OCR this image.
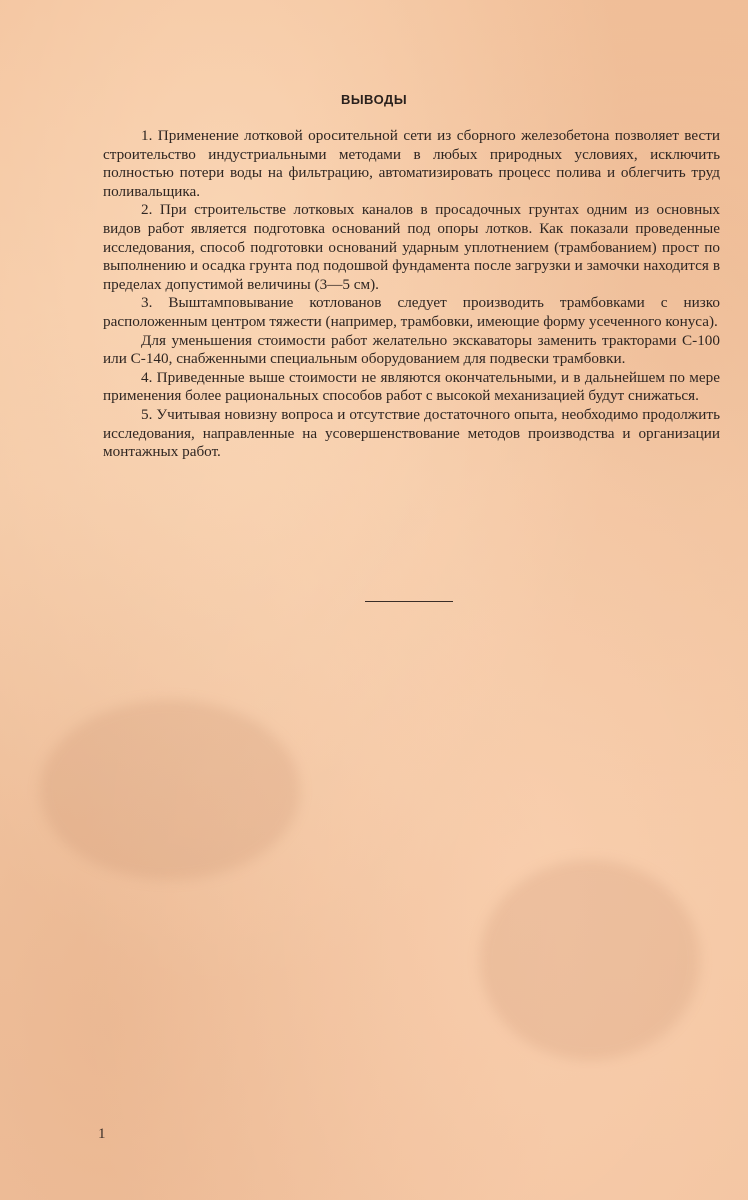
ВЫВОДЫ

1. Применение лотковой оросительной сети из сборного железобетона позволяет вести строительство индустриальными методами в любых природных условиях, исключить полностью потери воды на фильтрацию, автоматизировать процесс полива и облегчить труд поливальщика.

2. При строительстве лотковых каналов в просадочных грунтах одним из основных видов работ является подготовка оснований под опоры лотков. Как показали проведенные исследования, способ подготовки оснований ударным уплотнением (трамбованием) прост по выполнению и осадка грунта под подошвой фундамента после загрузки и замочки находится в пределах допустимой величины (3—5 см).

3. Выштамповывание котлованов следует производить трамбовками с низко расположенным центром тяжести (например, трамбовки, имеющие форму усеченного конуса).

Для уменьшения стоимости работ желательно экскаваторы заменить тракторами С-100 или С-140, снабженными специальным оборудованием для подвески трамбовки.

4. Приведенные выше стоимости не являются окончательными, и в дальнейшем по мере применения более рациональных способов работ с высокой механизацией будут снижаться.

5. Учитывая новизну вопроса и отсутствие достаточного опыта, необходимо продолжить исследования, направленные на усовершенствование методов производства и организации монтажных работ.

1
